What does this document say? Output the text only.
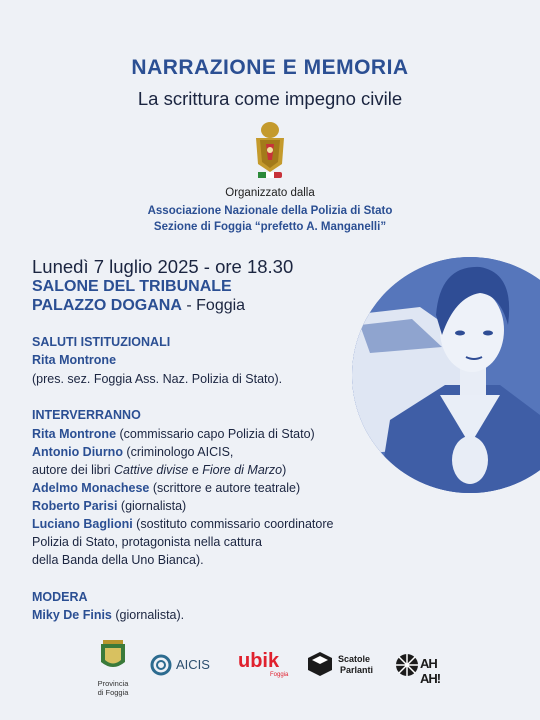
NARRAZIONE E MEMORIA
La scrittura come impegno civile
Organizzato dalla
Associazione Nazionale della Polizia di Stato
Sezione di Foggia “prefetto A. Manganelli”
Lunedì 7 luglio 2025 - ore 18.30
SALONE DEL TRIBUNALE
PALAZZO DOGANA - Foggia
SALUTI ISTITUZIONALI
Rita Montrone
(pres. sez. Foggia Ass. Naz. Polizia di Stato).
INTERVERRANNO
Rita Montrone (commissario capo Polizia di Stato)
Antonio Diurno (criminologo AICIS,
autore dei libri Cattive divise e Fiore di Marzo)
Adelmo Monachese (scrittore e autore teatrale)
Roberto Parisi (giornalista)
Luciano Baglioni (sostituto commissario coordinatore
Polizia di Stato, protagonista nella cattura
della Banda della Uno Bianca).
MODERA
Miky De Finis (giornalista).
Provincia
di Foggia
AICIS ubik
Foggia
Scatole
Parlanti	AH AH!
